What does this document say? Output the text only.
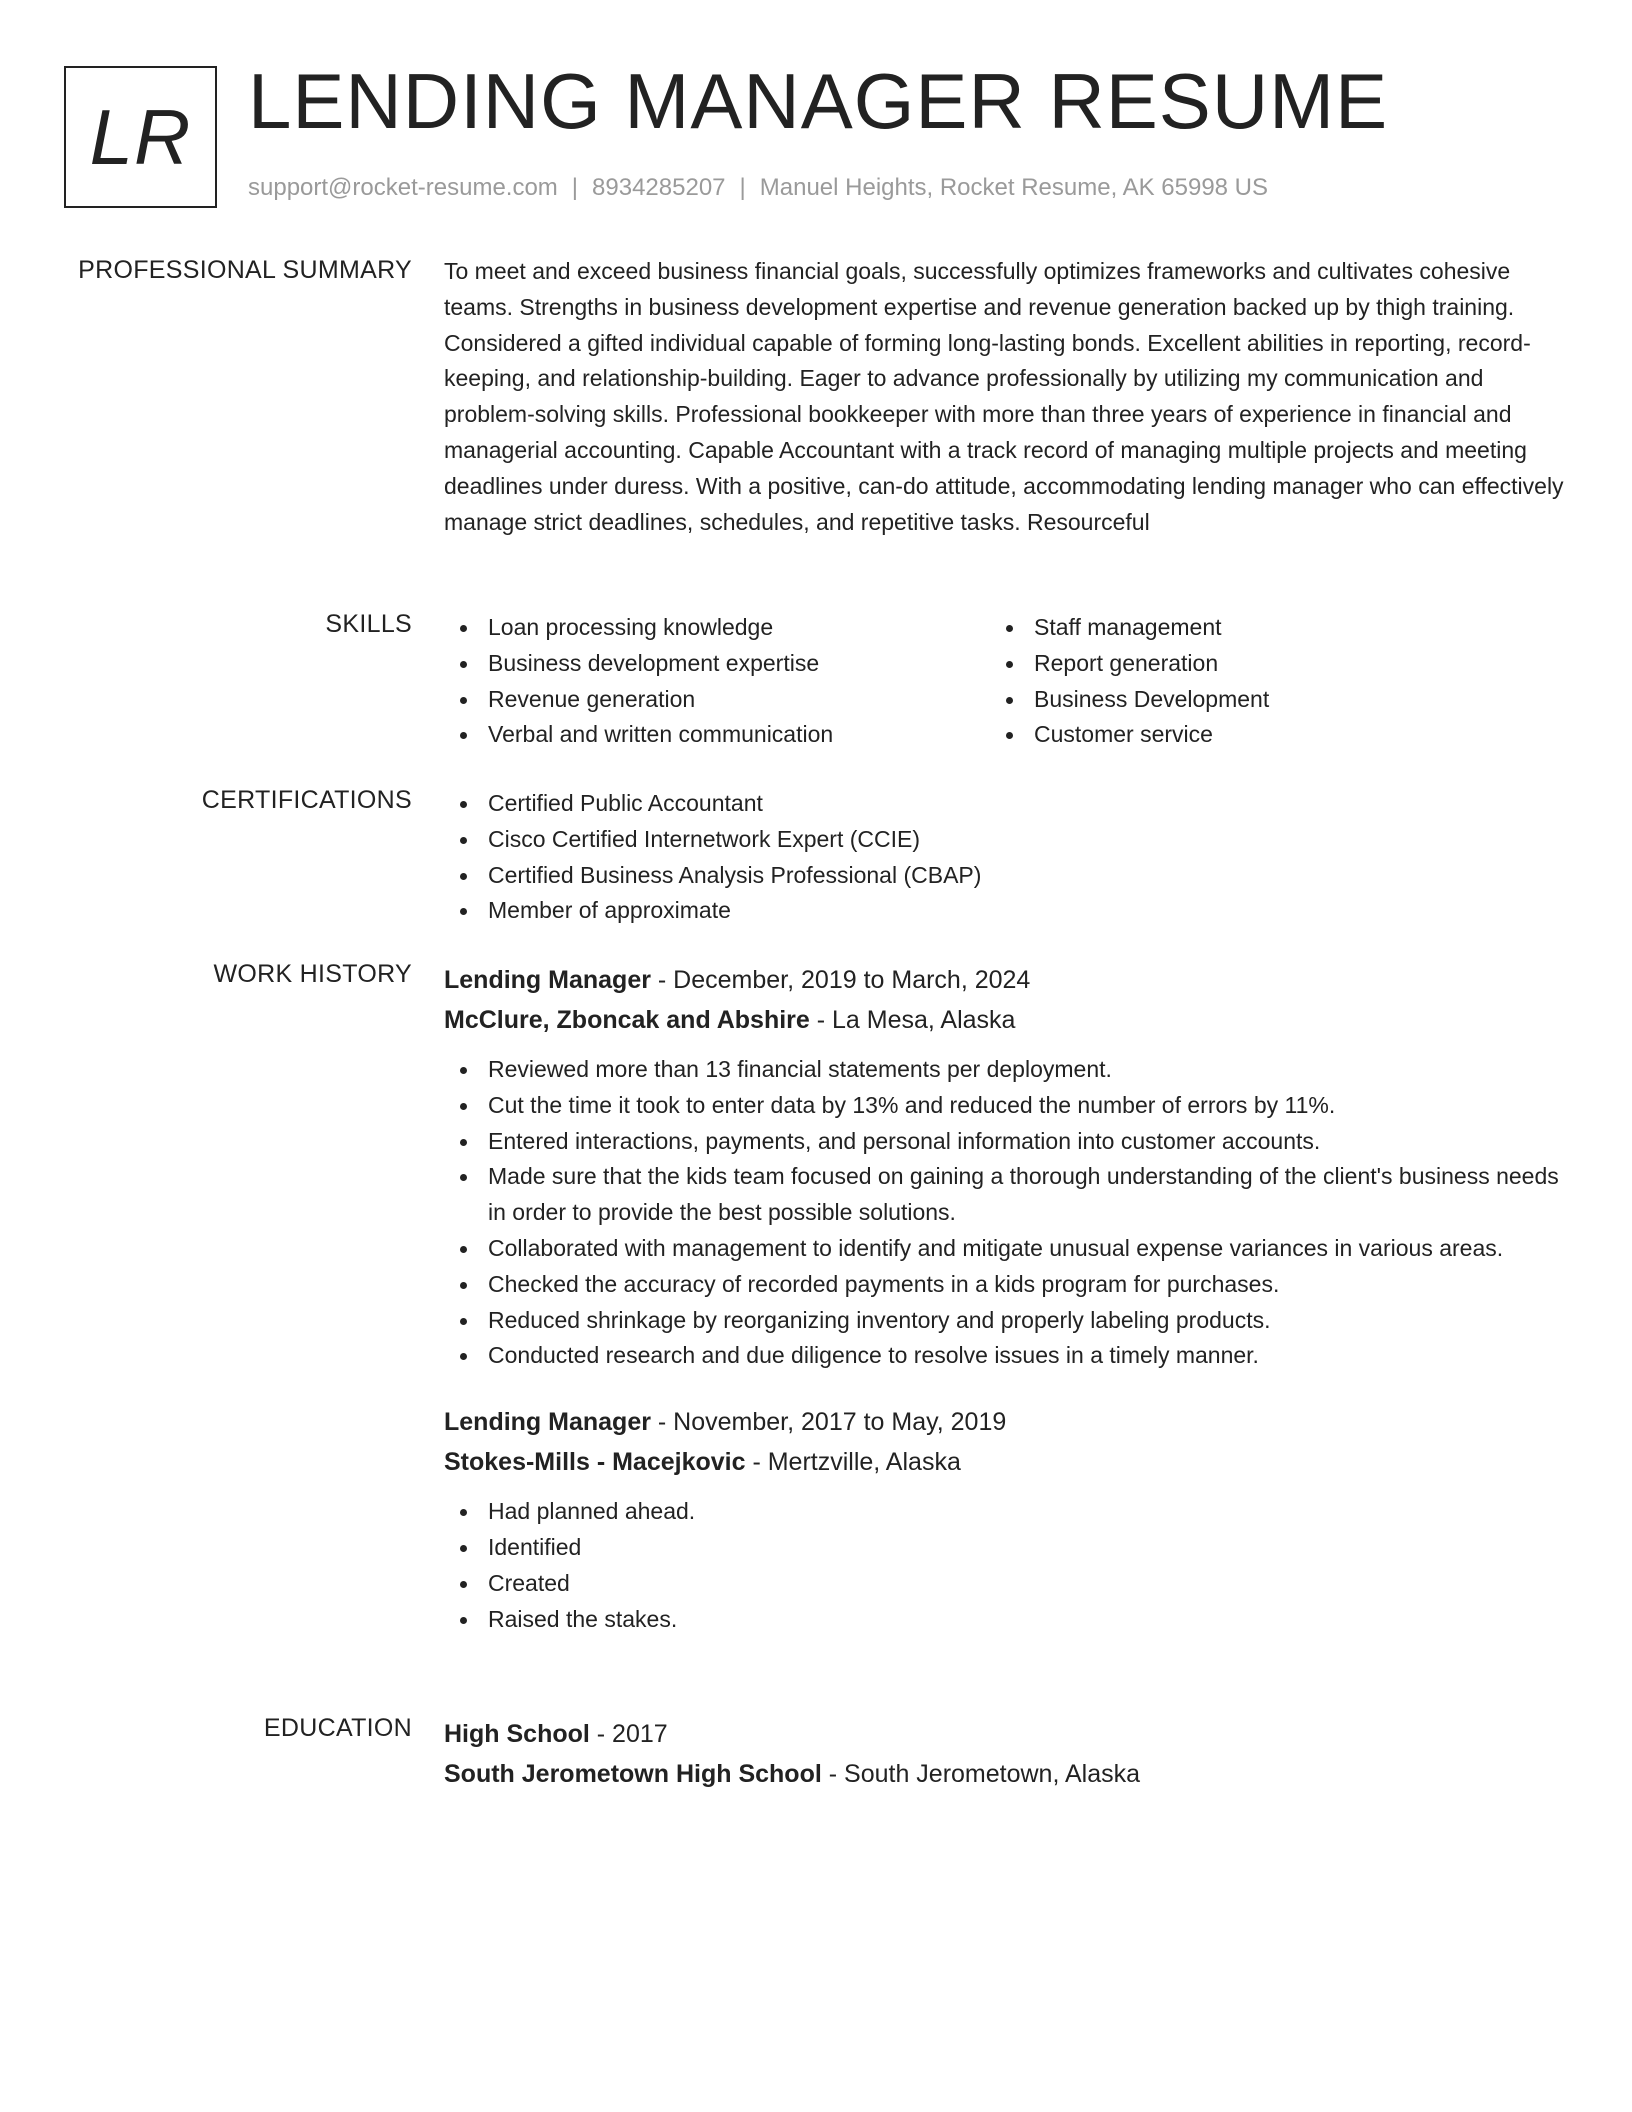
LR LENDING MANAGER RESUME
support@rocket-resume.com | 8934285207 | Manuel Heights, Rocket Resume, AK 65998 US
PROFESSIONAL SUMMARY To meet and exceed business financial goals, successfully optimizes frameworks and cultivates cohesive teams. Strengths in business development expertise and revenue generation backed up by thigh training. Considered a gifted individual capable of forming long-lasting bonds. Excellent abilities in reporting, record-keeping, and relationship-building. Eager to advance professionally by utilizing my communication and problem-solving skills. Professional bookkeeper with more than three years of experience in financial and managerial accounting. Capable Accountant with a track record of managing multiple projects and meeting deadlines under duress. With a positive, can-do attitude, accommodating lending manager who can effectively manage strict deadlines, schedules, and repetitive tasks. Resourceful

SKILLS	Loan processing knowledge
Business development expertise
Revenue generation
Verbal and written communication
Staff management
Report generation
Business Development
Customer service
CERTIFICATIONS	Certified Public Accountant
Cisco Certified Internetwork Expert (CCIE)
Certified Business Analysis Professional (CBAP)
Member of approximate
WORK HISTORY Lending Manager - December, 2019 to March, 2024
McClure, Zboncak and Abshire - La Mesa, Alaska
Reviewed more than 13 financial statements per deployment.
Cut the time it took to enter data by 13% and reduced the number of errors by 11%.
Entered interactions, payments, and personal information into customer accounts.
Made sure that the kids team focused on gaining a thorough understanding of the client's business needs in order to provide the best possible solutions.
Collaborated with management to identify and mitigate unusual expense variances in various areas.
Checked the accuracy of recorded payments in a kids program for purchases.
Reduced shrinkage by reorganizing inventory and properly labeling products.
Conducted research and due diligence to resolve issues in a timely manner.
Lending Manager - November, 2017 to May, 2019
Stokes-Mills - Macejkovic - Mertzville, Alaska
Had planned ahead.
Identified
Created
Raised the stakes.
EDUCATION High School - 2017
South Jerometown High School - South Jerometown, Alaska
